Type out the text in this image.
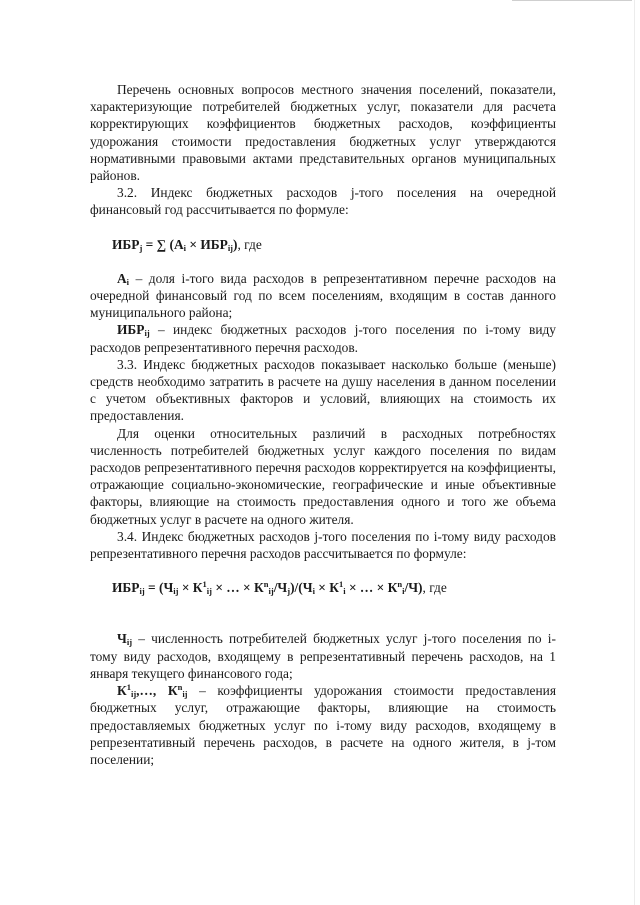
Перечень основных вопросов местного значения поселений, показатели, характеризующие потребителей бюджетных услуг, показатели для расчета корректирующих коэффициентов бюджетных расходов, коэффициенты удорожания стоимости предоставления бюджетных услуг утверждаются нормативными правовыми актами представительных органов муниципальных районов.

3.2. Индекс бюджетных расходов j-того поселения на очередной финансовый год рассчитывается по формуле:

$ИБР_j$ = ∑ $(А_i \times ИБР_{ij})$, где

$А_i$ – доля i-того вида расходов в репрезентативном перечне расходов на очередной финансовый год по всем поселениям, входящим в состав данного муниципального района;

$ИБР_{ij}$ – индекс бюджетных расходов j-того поселения по i-тому виду расходов репрезентативного перечня расходов.

3.3. Индекс бюджетных расходов показывает насколько больше (меньше) средств необходимо затратить в расчете на душу населения в данном поселении с учетом объективных факторов и условий, влияющих на стоимость их предоставления.

Для оценки относительных различий в расходных потребностях численность потребителей бюджетных услуг каждого поселения по видам расходов репрезентативного перечня расходов корректируется на коэффициенты, отражающие социально-экономические, географические и иные объективные факторы, влияющие на стоимость предоставления одного и того же объема бюджетных услуг в расчете на одного жителя.

3.4. Индекс бюджетных расходов j-того поселения по i-тому виду расходов репрезентативного перечня расходов рассчитывается по формуле:

$ИБР_{ij} = (Ч_{ij} \times К^1_{ij}$ × … × $К^n_{ij}/Ч_j)/(Ч_i \times К^1_i$ × … × $К^n_i/Ч$), где

$Ч_{ij}$ – численность потребителей бюджетных услуг j-того поселения по i-тому виду расходов, входящему в репрезентативный перечень расходов, на 1 января текущего финансового года;

$К^1_{ij},\dots$, $К^n_{ij}$ – коэффициенты удорожания стоимости предоставления бюджетных услуг, отражающие факторы, влияющие на стоимость предоставляемых бюджетных услуг по i-тому виду расходов, входящему в репрезентативный перечень расходов, в расчете на одного жителя, в j-том поселении;
